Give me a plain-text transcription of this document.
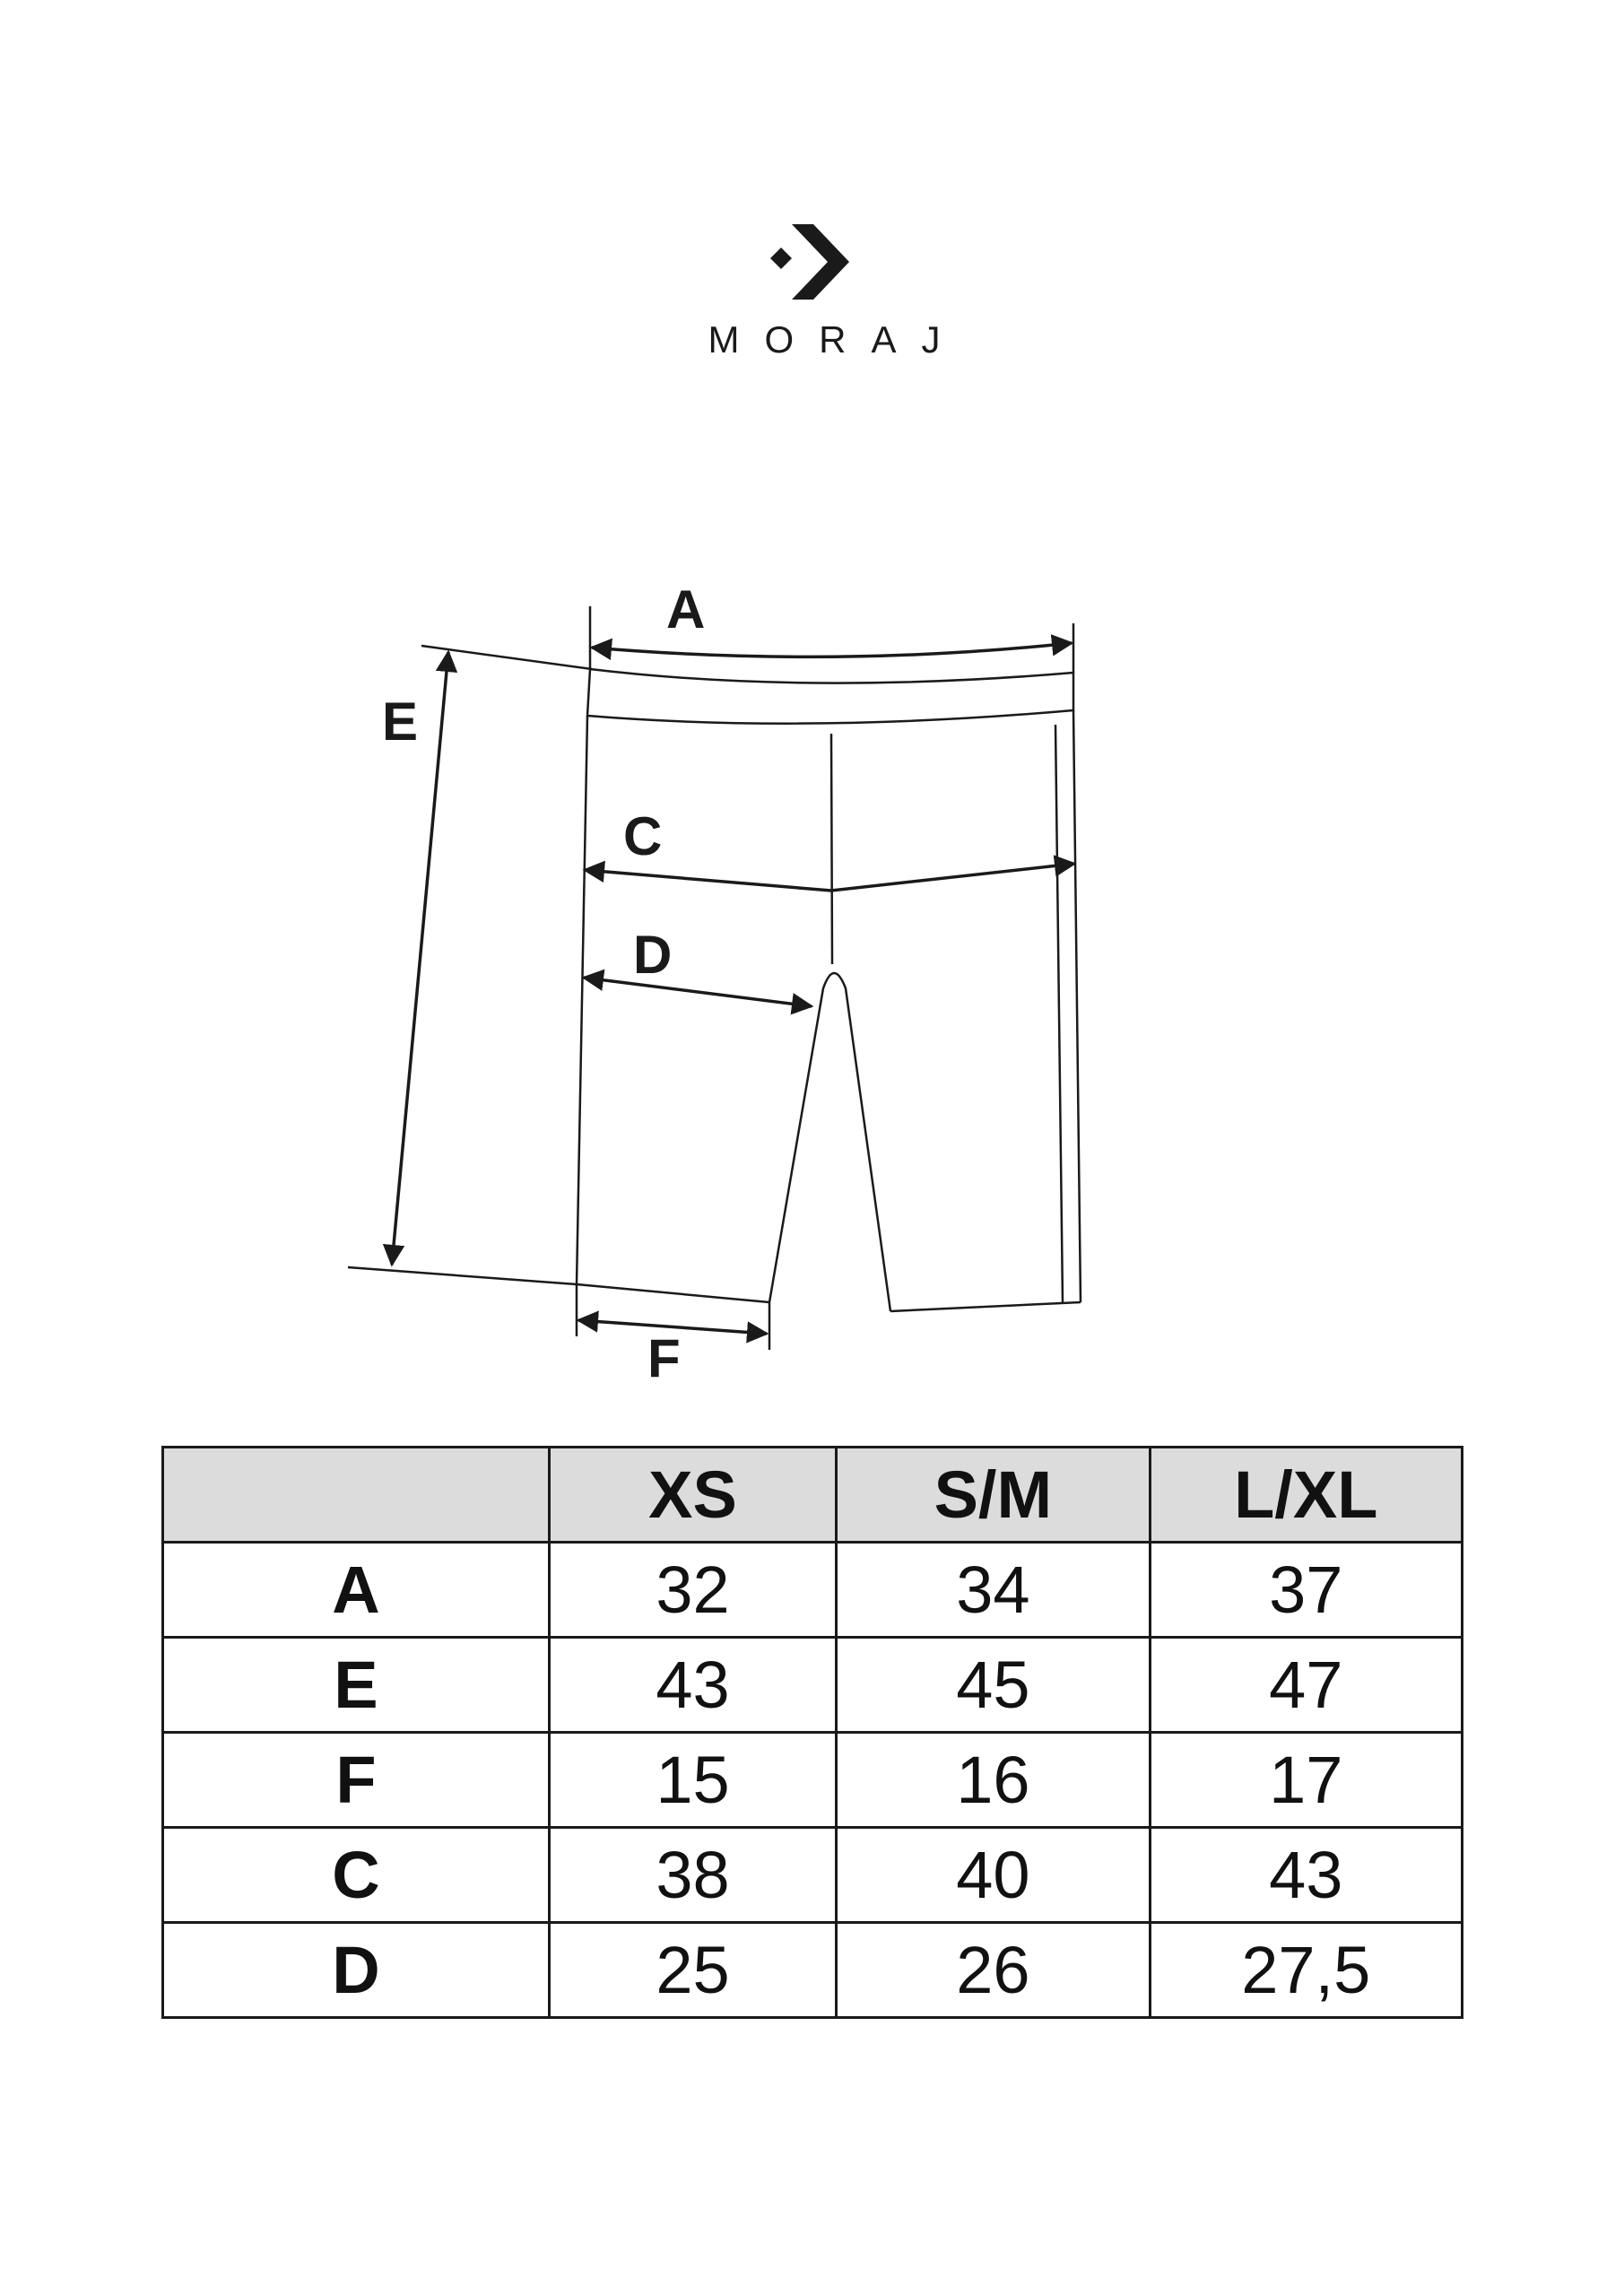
MORAJ
A
E
C
D
F
	XS	S/M	L/XL
A	32	34	37
E	43	45	47
F	15	16	17
C	38	40	43
D	25	26	27,5
